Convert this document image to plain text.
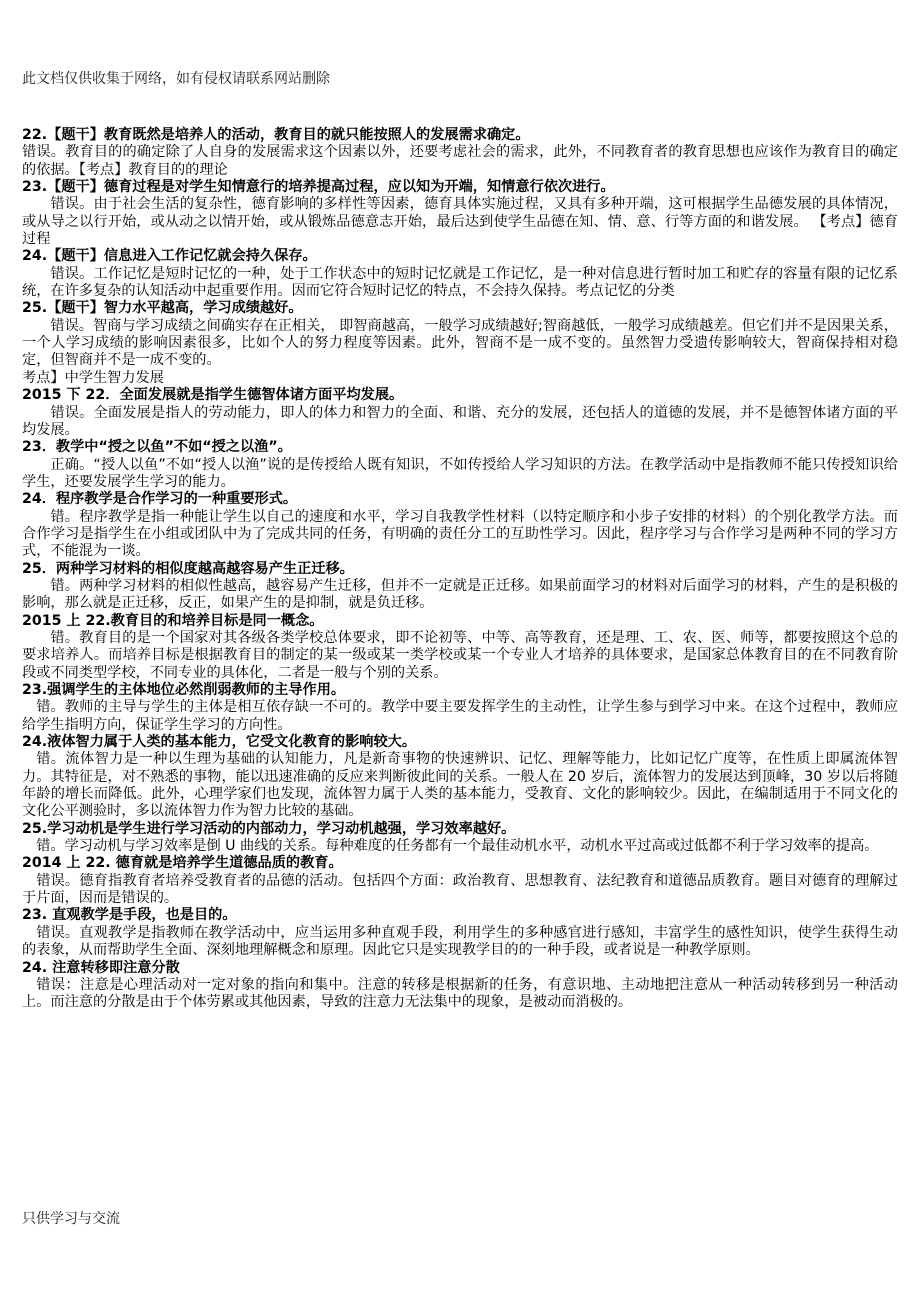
此文档仅供收集于网络，如有侵权请联系网站删除

22.【题干】教育既然是培养人的活动，教育目的就只能按照人的发展需求确定。

错误。教育目的的确定除了人自身的发展需求这个因素以外，还要考虑社会的需求，此外，不同教育者的教育思想也应该作为教育目的确定的依据。【考点】教育目的的理论

23.【题干】德育过程是对学生知情意行的培养提高过程，应以知为开端，知情意行依次进行。

错误。由于社会生活的复杂性，德育影响的多样性等因素，德育具体实施过程，又具有多种开端，这可根据学生品德发展的具体情况，或从导之以行开始，或从动之以情开始，或从锻炼品德意志开始，最后达到使学生品德在知、情、意、行等方面的和谐发展。 【考点】德育过程

24.【题干】信息进入工作记忆就会持久保存。

错误。工作记忆是短时记忆的一种，处于工作状态中的短时记忆就是工作记忆，是一种对信息进行暂时加工和贮存的容量有限的记忆系统，在许多复杂的认知活动中起重要作用。因而它符合短时记忆的特点，不会持久保持。考点记忆的分类

25.【题干】智力水平越高，学习成绩越好。

错误。智商与学习成绩之间确实存在正相关， 即智商越高，一般学习成绩越好;智商越低，一般学习成绩越差。但它们并不是因果关系，一个人学习成绩的影响因素很多，比如个人的努力程度等因素。此外，智商不是一成不变的。虽然智力受遗传影响较大，智商保持相对稳定，但智商并不是一成不变的。

考点】中学生智力发展

2015 下 22．全面发展就是指学生德智体诸方面平均发展。

错误。全面发展是指人的劳动能力，即人的体力和智力的全面、和谐、充分的发展，还包括人的道德的发展，并不是德智体诸方面的平均发展。

23．教学中“授之以鱼”不如“授之以渔”。

正确。“授人以鱼”不如“授人以渔”说的是传授给人既有知识，不如传授给人学习知识的方法。在教学活动中是指教师不能只传授知识给学生，还要发展学生学习的能力。

24．程序教学是合作学习的一种重要形式。

错。程序教学是指一种能让学生以自己的速度和水平，学习自我教学性材料（以特定顺序和小步子安排的材料）的个别化教学方法。而合作学习是指学生在小组或团队中为了完成共同的任务，有明确的责任分工的互助性学习。因此，程序学习与合作学习是两种不同的学习方式，不能混为一谈。

25．两种学习材料的相似度越高越容易产生正迁移。

错。两种学习材料的相似性越高，越容易产生迁移，但并不一定就是正迁移。如果前面学习的材料对后面学习的材料，产生的是积极的影响，那么就是正迁移，反正，如果产生的是抑制，就是负迁移。

2015 上 22.教育目的和培养目标是同一概念。

错。教育目的是一个国家对其各级各类学校总体要求，即不论初等、中等、高等教育，还是理、工、农、医、师等，都要按照这个总的要求培养人。而培养目标是根据教育目的制定的某一级或某一类学校或某一个专业人才培养的具体要求，是国家总体教育目的在不同教育阶段或不同类型学校，不同专业的具体化，二者是一般与个别的关系。

23.强调学生的主体地位必然削弱教师的主导作用。

错。教师的主导与学生的主体是相互依存缺一不可的。教学中要主要发挥学生的主动性，让学生参与到学习中来。在这个过程中，教师应给学生指明方向，保证学生学习的方向性。

24.液体智力属于人类的基本能力，它受文化教育的影响较大。

错。流体智力是一种以生理为基础的认知能力，凡是新奇事物的快速辨识、记忆、理解等能力，比如记忆广度等，在性质上即属流体智力。其特征是，对不熟悉的事物，能以迅速准确的反应来判断彼此间的关系。一般人在 20 岁后，流体智力的发展达到顶峰，30 岁以后将随年龄的增长而降低。此外，心理学家们也发现，流体智力属于人类的基本能力，受教育、文化的影响较少。因此，在编制适用于不同文化的文化公平测验时，多以流体智力作为智力比较的基础。

25.学习动机是学生进行学习活动的内部动力，学习动机越强，学习效率越好。

错。学习动机与学习效率是倒 U 曲线的关系。每种难度的任务都有一个最佳动机水平，动机水平过高或过低都不利于学习效率的提高。

2014 上 22. 德育就是培养学生道德品质的教育。

错误。德育指教育者培养受教育者的品德的活动。包括四个方面：政治教育、思想教育、法纪教育和道德品质教育。题目对德育的理解过于片面，因而是错误的。

23. 直观教学是手段，也是目的。

错误。直观教学是指教师在教学活动中，应当运用多种直观手段，利用学生的多种感官进行感知，丰富学生的感性知识，使学生获得生动的表象，从而帮助学生全面、深刻地理解概念和原理。因此它只是实现教学目的的一种手段，或者说是一种教学原则。

24. 注意转移即注意分散

错误：注意是心理活动对一定对象的指向和集中。注意的转移是根据新的任务，有意识地、主动地把注意从一种活动转移到另一种活动上。而注意的分散是由于个体劳累或其他因素，导致的注意力无法集中的现象，是被动而消极的。

只供学习与交流
